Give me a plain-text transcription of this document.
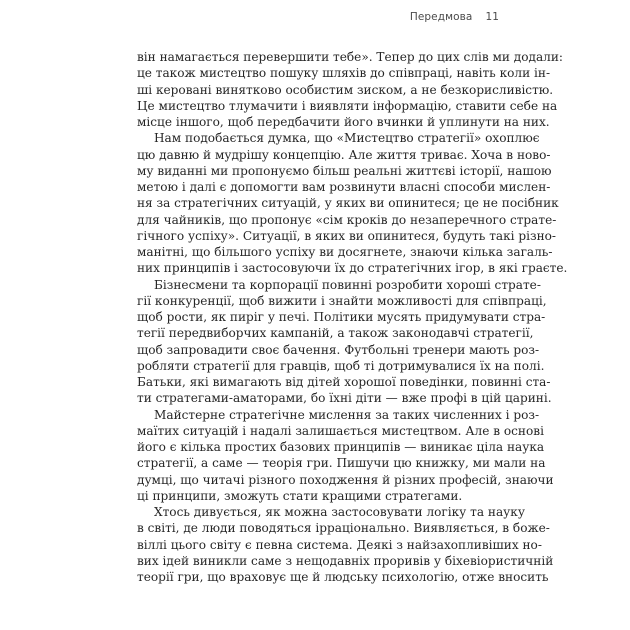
Передмова 11
він намагається перевершити тебе». Тепер до цих слів ми додали:
це також мистецтво пошуку шляхів до співпраці, навіть коли ін-
ші керовані винятково особистим зиском, а не безкорисливістю.
Це мистецтво тлумачити і виявляти інформацію, ставити себе на
місце іншого, щоб передбачити його вчинки й уплинути на них.
Нам подобається думка, що «Мистецтво стратегії» охоплює
цю давню й мудрішу концепцію. Але життя триває. Хоча в ново-
му виданні ми пропонуємо більш реальні життєві історії, нашою
метою і далі є допомогти вам розвинути власні способи мислен-
ня за стратегічних ситуацій, у яких ви опинитеся; це не посібник
для чайників, що пропонує «сім кроків до незаперечного страте-
гічного успіху». Ситуації, в яких ви опинитеся, будуть такі різно-
манітні, що більшого успіху ви досягнете, знаючи кілька загаль-
них принципів і застосовуючи їх до стратегічних ігор, в які граєте.
Бізнесмени та корпорації повинні розробити хороші страте-
гії конкуренції, щоб вижити і знайти можливості для співпраці,
щоб рости, як пиріг у печі. Політики мусять придумувати стра-
тегії передвиборчих кампаній, а також законодавчі стратегії,
щоб запровадити своє бачення. Футбольні тренери мають роз-
робляти стратегії для гравців, щоб ті дотримувалися їх на полі.
Батьки, які вимагають від дітей хорошої поведінки, повинні ста-
ти стратегами-аматорами, бо їхні діти — вже профі в цій царині.
Майстерне стратегічне мислення за таких численних і роз-
маїтих ситуацій і надалі залишається мистецтвом. Але в основі
його є кілька простих базових принципів — виникає ціла наука
стратегії, а саме — теорія гри. Пишучи цю книжку, ми мали на
думці, що читачі різного походження й різних професій, знаючи
ці принципи, зможуть стати кращими стратегами.
Хтось дивується, як можна застосовувати логіку та науку
в світі, де люди поводяться ірраціонально. Виявляється, в боже-
віллі цього світу є певна система. Деякі з найзахопливіших но-
вих ідей виникли саме з нещодавніх проривів у біхевіористичній
теорії гри, що враховує ще й людську психологію, отже вносить
